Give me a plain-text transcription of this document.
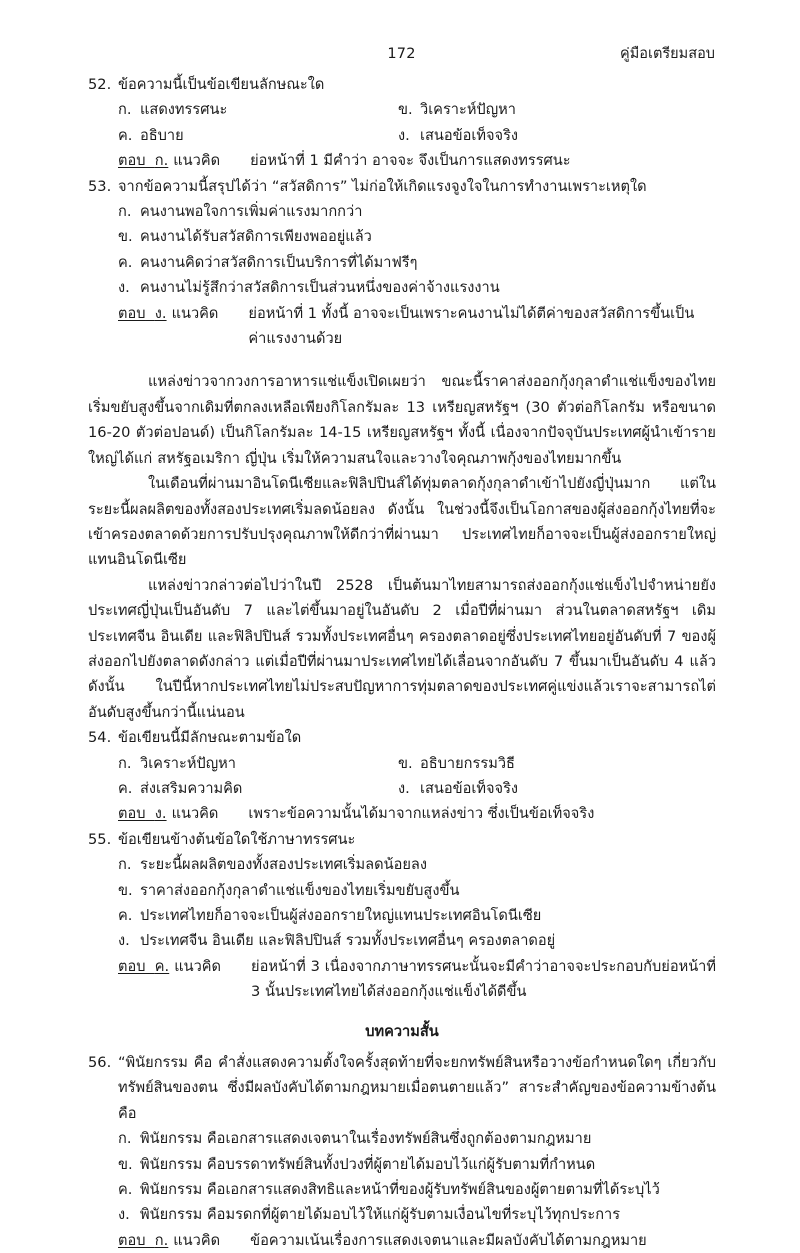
172	คู่มือเตรียมสอบ
52. ข้อความนี้เป็นข้อเขียนลักษณะใด
ก. แสดงทรรศนะ	ข. วิเคราะห์ปัญหา
ค. อธิบาย	ง. เสนอข้อเท็จจริง
ตอบ ก. แนวคิด	ย่อหน้าที่ 1 มีคำว่า อาจจะ จึงเป็นการแสดงทรรศนะ
53. จากข้อความนี้สรุปได้ว่า “สวัสดิการ” ไม่ก่อให้เกิดแรงจูงใจในการทำงานเพราะเหตุใด
ก. คนงานพอใจการเพิ่มค่าแรงมากกว่า
ข. คนงานได้รับสวัสดิการเพียงพออยู่แล้ว
ค. คนงานคิดว่าสวัสดิการเป็นบริการที่ได้มาฟรีๆ
ง. คนงานไม่รู้สึกว่าสวัสดิการเป็นส่วนหนึ่งของค่าจ้างแรงงาน
ตอบ ง. แนวคิด	ย่อหน้าที่ 1 ทั้งนี้ อาจจะเป็นเพราะคนงานไม่ได้ตีค่าของสวัสดิการขึ้นเป็นค่าแรงงานด้วย

แหล่งข่าวจากวงการอาหารแช่แข็งเปิดเผยว่า ขณะนี้ราคาส่งออกกุ้งกุลาดำแช่แข็งของไทยเริ่มขยับสูงขึ้นจากเดิมที่ตกลงเหลือเพียงกิโลกรัมละ 13 เหรียญสหรัฐฯ (30 ตัวต่อกิโลกรัม หรือขนาด 16-20 ตัวต่อปอนด์) เป็นกิโลกรัมละ 14-15 เหรียญสหรัฐฯ ทั้งนี้ เนื่องจากปัจจุบันประเทศผู้นำเข้ารายใหญ่ได้แก่ สหรัฐอเมริกา ญี่ปุ่น เริ่มให้ความสนใจและวางใจคุณภาพกุ้งของไทยมากขึ้น

ในเดือนที่ผ่านมาอินโดนีเซียและฟิลิปปินส์ได้ทุ่มตลาดกุ้งกุลาดำเข้าไปยังญี่ปุ่นมาก แต่ในระยะนี้ผลผลิตของทั้งสองประเทศเริ่มลดน้อยลง ดังนั้น ในช่วงนี้จึงเป็นโอกาสของผู้ส่งออกกุ้งไทยที่จะเข้าครองตลาดด้วยการปรับปรุงคุณภาพให้ดีกว่าที่ผ่านมา ประเทศไทยก็อาจจะเป็นผู้ส่งออกรายใหญ่แทนอินโดนีเซีย

แหล่งข่าวกล่าวต่อไปว่าในปี 2528 เป็นต้นมาไทยสามารถส่งออกกุ้งแช่แข็งไปจำหน่ายยังประเทศญี่ปุ่นเป็นอันดับ 7 และไต่ขึ้นมาอยู่ในอันดับ 2 เมื่อปีที่ผ่านมา ส่วนในตลาดสหรัฐฯ เดิม ประเทศจีน อินเดีย และฟิลิปปินส์ รวมทั้งประเทศอื่นๆ ครองตลาดอยู่ซึ่งประเทศไทยอยู่อันดับที่ 7 ของผู้ส่งออกไปยังตลาดดังกล่าว แต่เมื่อปีที่ผ่านมาประเทศไทยได้เลื่อนจากอันดับ 7 ขึ้นมาเป็นอันดับ 4 แล้ว ดังนั้น ในปีนี้หากประเทศไทยไม่ประสบปัญหาการทุ่มตลาดของประเทศคู่แข่งแล้วเราจะสามารถไต่อันดับสูงขึ้นกว่านี้แน่นอน

54. ข้อเขียนนี้มีลักษณะตามข้อใด
ก. วิเคราะห์ปัญหา	ข. อธิบายกรรมวิธี
ค. ส่งเสริมความคิด	ง. เสนอข้อเท็จจริง
ตอบ ง. แนวคิด	เพราะข้อความนั้นได้มาจากแหล่งข่าว ซึ่งเป็นข้อเท็จจริง
55. ข้อเขียนข้างต้นข้อใดใช้ภาษาทรรศนะ
ก. ระยะนี้ผลผลิตของทั้งสองประเทศเริ่มลดน้อยลง
ข. ราคาส่งออกกุ้งกุลาดำแช่แข็งของไทยเริ่มขยับสูงขึ้น
ค. ประเทศไทยก็อาจจะเป็นผู้ส่งออกรายใหญ่แทนประเทศอินโดนีเซีย
ง. ประเทศจีน อินเดีย และฟิลิปปินส์ รวมทั้งประเทศอื่นๆ ครองตลาดอยู่
ตอบ ค. แนวคิด	ย่อหน้าที่ 3 เนื่องจากภาษาทรรศนะนั้นจะมีคำว่าอาจจะประกอบกับย่อหน้าที่ 3 นั้นประเทศไทยได้ส่งออกกุ้งแช่แข็งได้ดีขึ้น

บทความสั้น

56. “พินัยกรรม คือ คำสั่งแสดงความตั้งใจครั้งสุดท้ายที่จะยกทรัพย์สินหรือวางข้อกำหนดใดๆ เกี่ยวกับทรัพย์สินของตน ซึ่งมีผลบังคับได้ตามกฎหมายเมื่อตนตายแล้ว” สาระสำคัญของข้อความข้างต้นคือ
ก. พินัยกรรม คือเอกสารแสดงเจตนาในเรื่องทรัพย์สินซึ่งถูกต้องตามกฎหมาย
ข. พินัยกรรม คือบรรดาทรัพย์สินทั้งปวงที่ผู้ตายได้มอบไว้แก่ผู้รับตามที่กำหนด
ค. พินัยกรรม คือเอกสารแสดงสิทธิและหน้าที่ของผู้รับทรัพย์สินของผู้ตายตามที่ได้ระบุไว้
ง. พินัยกรรม คือมรดกที่ผู้ตายได้มอบไว้ให้แก่ผู้รับตามเงื่อนไขที่ระบุไว้ทุกประการ
ตอบ ก. แนวคิด	ข้อความเน้นเรื่องการแสดงเจตนาและมีผลบังคับได้ตามกฎหมาย
